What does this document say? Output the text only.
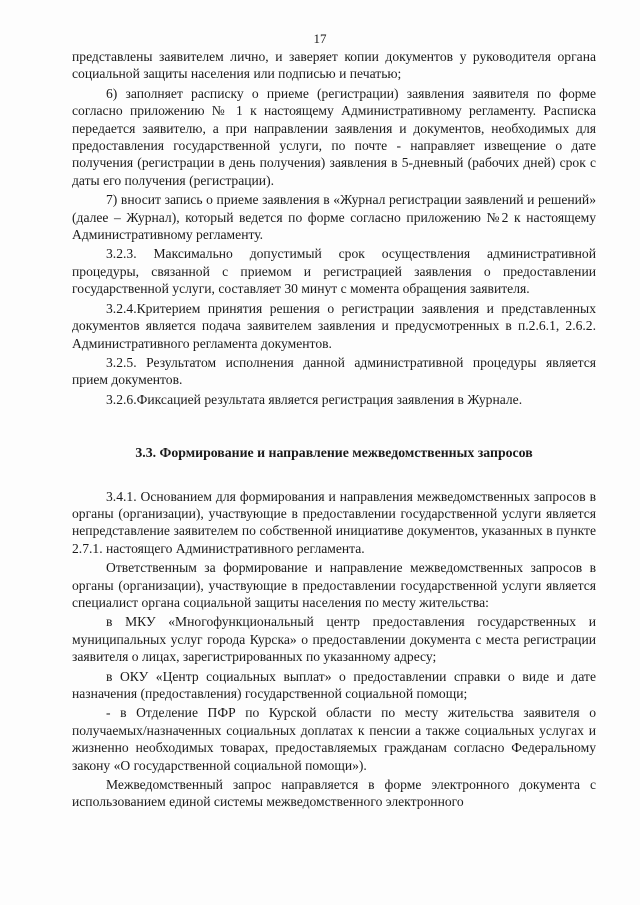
17

представлены заявителем лично, и заверяет копии документов у руководителя органа социальной защиты населения или подписью и печатью;

6) заполняет расписку о приеме (регистрации) заявления заявителя по форме согласно приложению № 1 к настоящему Административному регламенту. Расписка передается заявителю, а при направлении заявления и документов, необходимых для предоставления государственной услуги, по почте - направляет извещение о дате получения (регистрации в день получения) заявления в 5-дневный (рабочих дней) срок с даты его получения (регистрации).

7) вносит запись о приеме заявления в «Журнал регистрации заявлений и решений» (далее – Журнал), который ведется по форме согласно приложению №2 к настоящему Административному регламенту.

3.2.3. Максимально допустимый срок осуществления административной процедуры, связанной с приемом и регистрацией заявления о предоставлении государственной услуги, составляет 30 минут с момента обращения заявителя.

3.2.4.Критерием принятия решения о регистрации заявления и представленных документов является подача заявителем заявления и предусмотренных в п.2.6.1, 2.6.2. Административного регламента документов.

3.2.5. Результатом исполнения данной административной процедуры является прием документов.

3.2.6.Фиксацией результата является регистрация заявления в Журнале.

3.3. Формирование и направление межведомственных запросов

3.4.1. Основанием для формирования и направления межведомственных запросов в органы (организации), участвующие в предоставлении государственной услуги является непредставление заявителем по собственной инициативе документов, указанных в пункте 2.7.1. настоящего Административного регламента.

Ответственным за формирование и направление межведомственных запросов в органы (организации), участвующие в предоставлении государственной услуги является специалист органа социальной защиты населения по месту жительства:

в МКУ «Многофункциональный центр предоставления государственных и муниципальных услуг города Курска» о предоставлении документа с места регистрации заявителя о лицах, зарегистрированных по указанному адресу;

в ОКУ «Центр социальных выплат» о предоставлении справки о виде и дате назначения (предоставления) государственной социальной помощи;

- в Отделение ПФР по Курской области по месту жительства заявителя о получаемых/назначенных социальных доплатах к пенсии а также социальных услугах и жизненно необходимых товарах, предоставляемых гражданам согласно Федеральному закону «О государственной социальной помощи»).

Межведомственный запрос направляется в форме электронного документа с использованием единой системы межведомственного электронного
